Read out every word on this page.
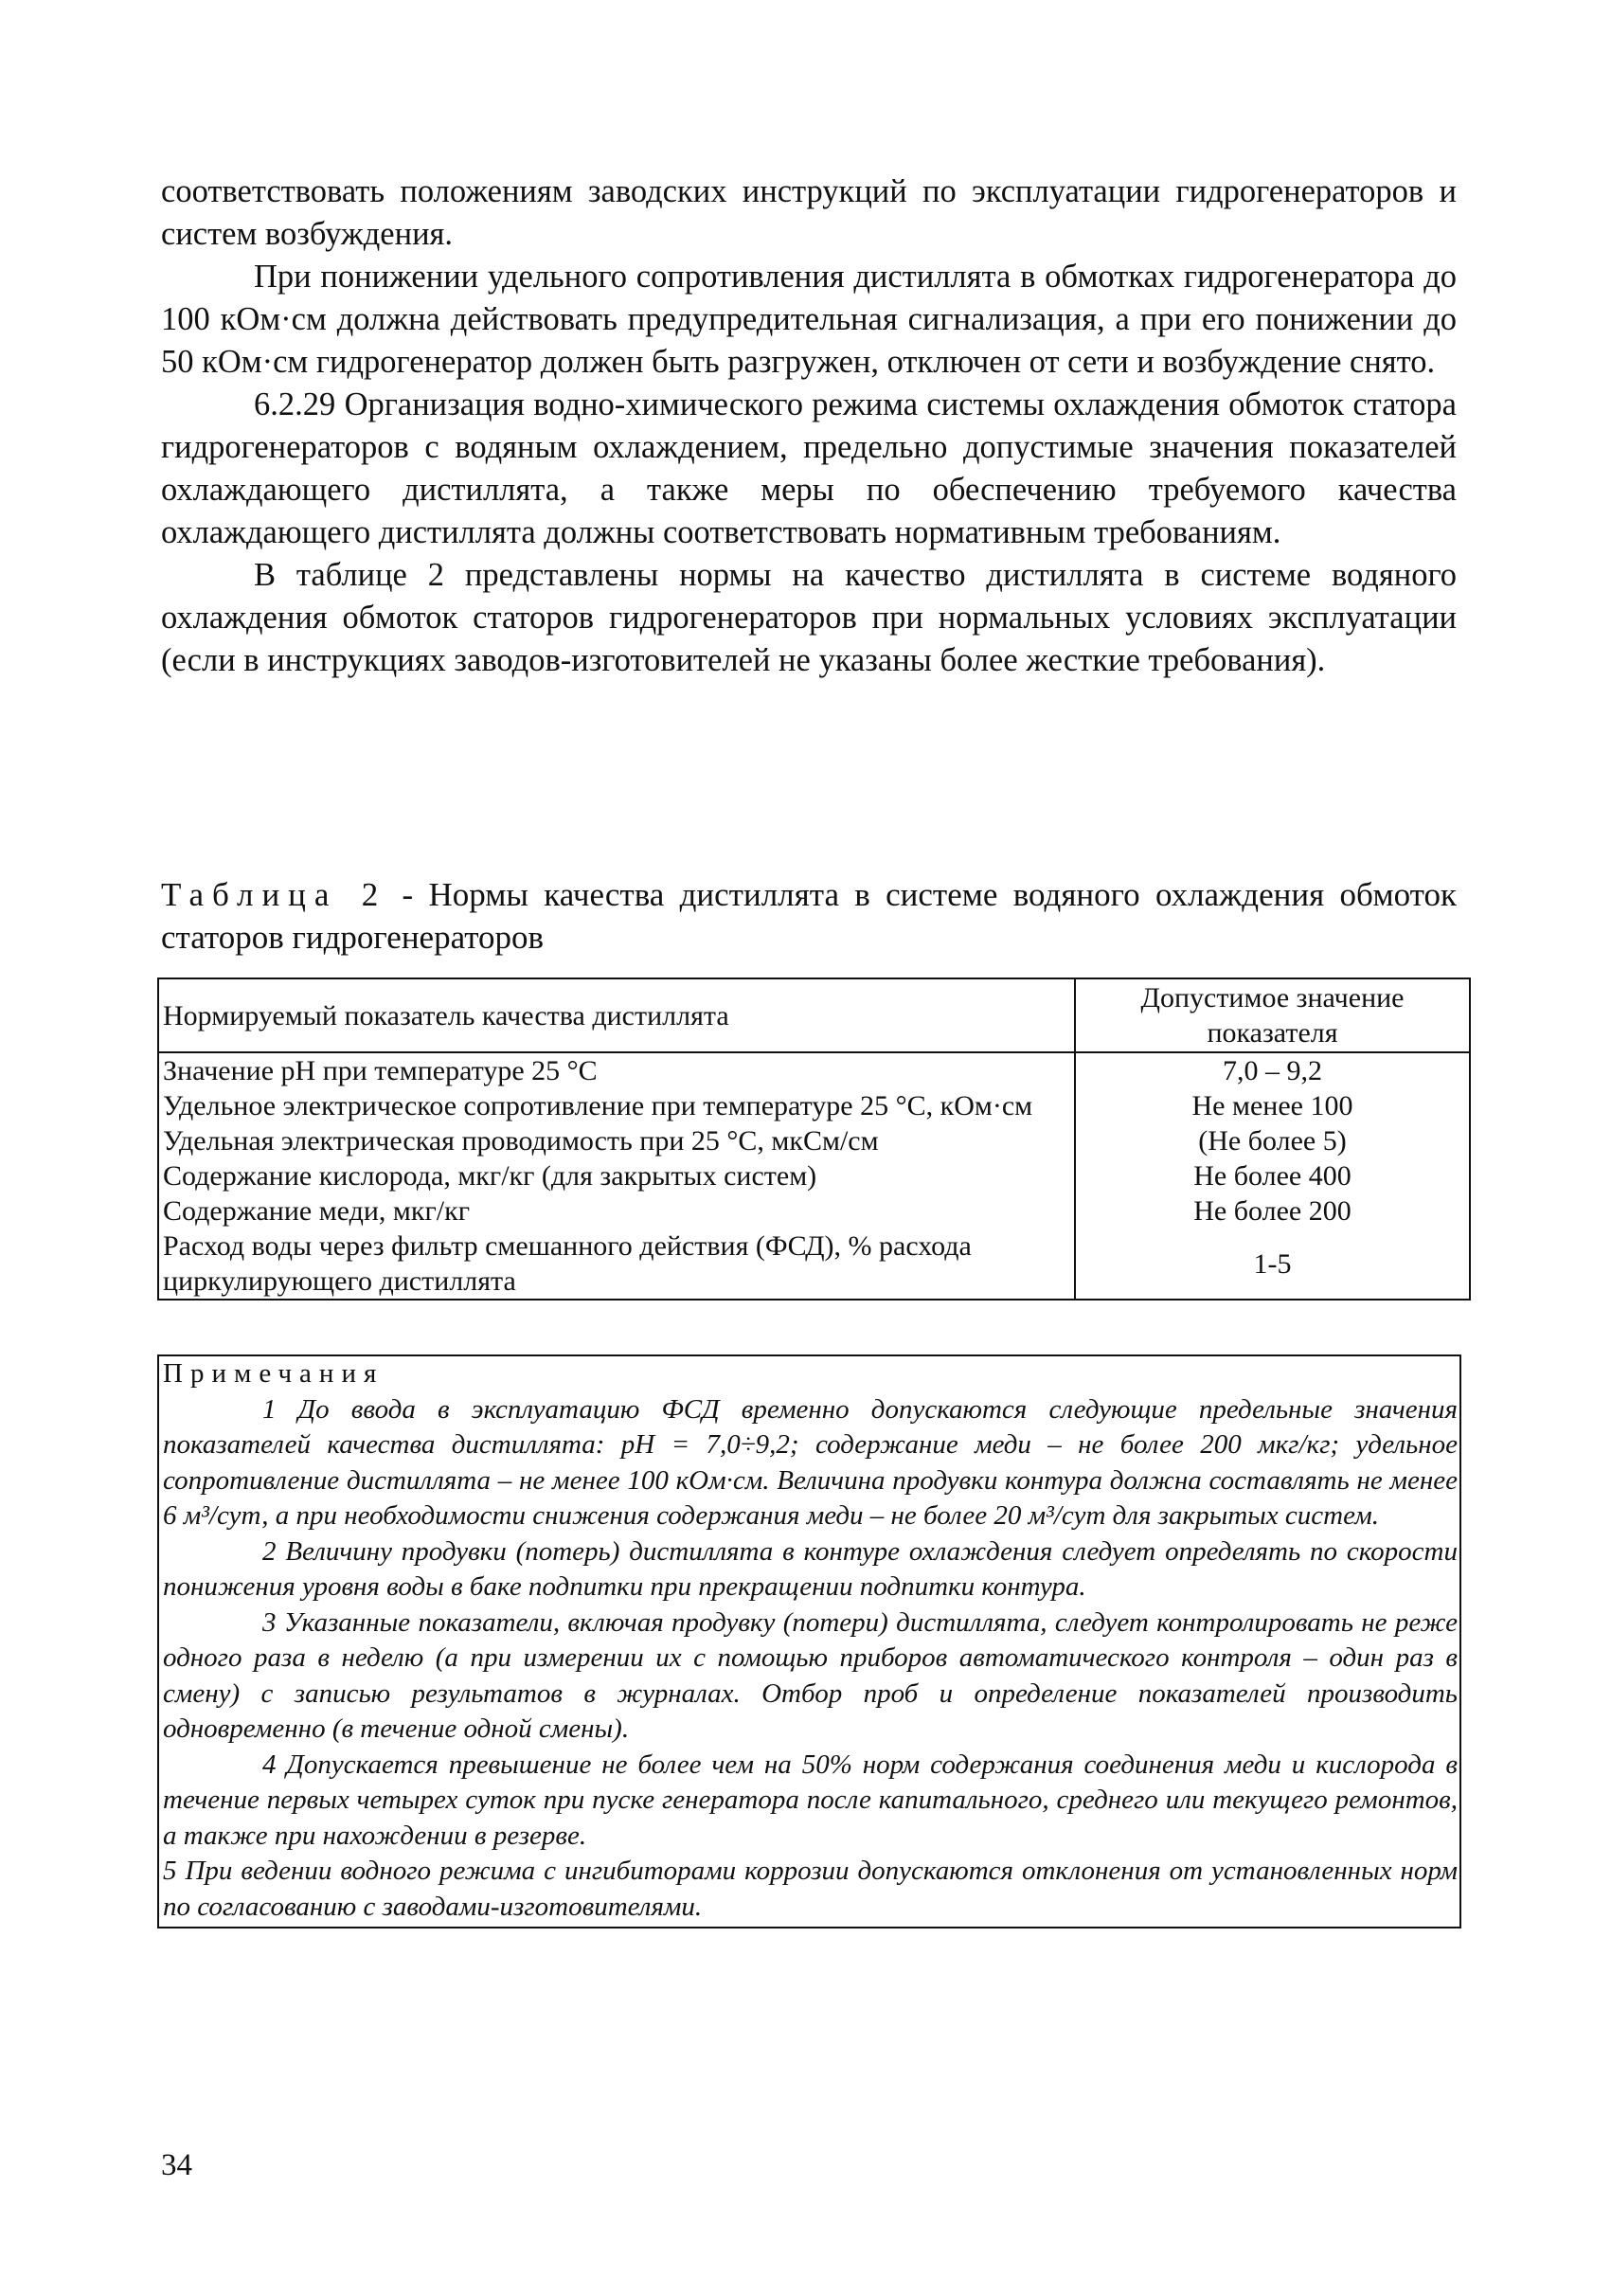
соответствовать положениям заводских инструкций по эксплуатации гидрогенераторов и систем возбуждения.

При понижении удельного сопротивления дистиллята в обмотках гидрогенератора до 100 кОм·см должна действовать предупредительная сигнализация, а при его понижении до 50 кОм·см гидрогенератор должен быть разгружен, отключен от сети и возбуждение снято.

6.2.29 Организация водно-химического режима системы охлаждения обмоток статора гидрогенераторов с водяным охлаждением, предельно допустимые значения показателей охлаждающего дистиллята, а также меры по обеспечению требуемого качества охлаждающего дистиллята должны соответствовать нормативным требованиям.

В таблице 2 представлены нормы на качество дистиллята в системе водяного охлаждения обмоток статоров гидрогенераторов при нормальных условиях эксплуатации (если в инструкциях заводов-изготовителей не указаны более жесткие требования).

Таблица 2 - Нормы качества дистиллята в системе водяного охлаждения обмоток статоров гидрогенераторов
Нормируемый показатель качества дистиллята	Допустимое значение показателя
Значение pH при температуре 25 °С	7,0 – 9,2
Удельное электрическое сопротивление при температуре 25 °С, кОм·см	Не менее 100
Удельная электрическая проводимость при 25 °С, мкСм/см	(Не более 5)
Содержание кислорода, мкг/кг (для закрытых систем)	Не более 400
Содержание меди, мкг/кг	Не более 200
Расход воды через фильтр смешанного действия (ФСД), % расхода циркулирующего дистиллята	1-5

Примечания

1 До ввода в эксплуатацию ФСД временно допускаются следующие предельные значения показателей качества дистиллята: pH = 7,0÷9,2; содержание меди – не более 200 мкг/кг; удельное сопротивление дистиллята – не менее 100 кОм·см. Величина продувки контура должна составлять не менее 6 м³/сут, а при необходимости снижения содержания меди – не более 20 м³/сут для закрытых систем.

2 Величину продувки (потерь) дистиллята в контуре охлаждения следует определять по скорости понижения уровня воды в баке подпитки при прекращении подпитки контура.

3 Указанные показатели, включая продувку (потери) дистиллята, следует контролировать не реже одного раза в неделю (а при измерении их с помощью приборов автоматического контроля – один раз в смену) с записью результатов в журналах. Отбор проб и определение показателей производить одновременно (в течение одной смены).

4 Допускается превышение не более чем на 50% норм содержания соединения меди и кислорода в течение первых четырех суток при пуске генератора после капитального, среднего или текущего ремонтов, а также при нахождении в резерве.

5 При ведении водного режима с ингибиторами коррозии допускаются отклонения от установленных норм по согласованию с заводами-изготовителями.

34
